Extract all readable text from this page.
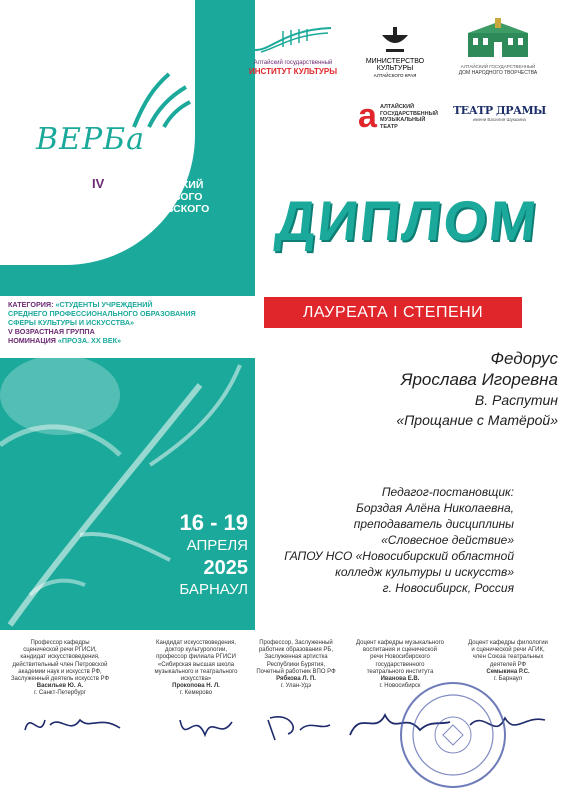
ВЕРБа
IV ВСЕРОССИЙСКИЙ
КОНКУРС РЕЧЕВОГО
ИСПОЛНИТЕЛЬСКОГО
ИСКУССТВА
КАТЕГОРИЯ: «СТУДЕНТЫ УЧРЕЖДЕНИЙ
СРЕДНЕГО ПРОФЕССИОНАЛЬНОГО ОБРАЗОВАНИЯ
СФЕРЫ КУЛЬТУРЫ И ИСКУССТВА»
V ВОЗРАСТНАЯ ГРУППА
НОМИНАЦИЯ «ПРОЗА. XX ВЕК»
16 - 19
АПРЕЛЯ
2025
БАРНАУЛ
Алтайский государственный
ИНСТИТУТ КУЛЬТУРЫ
МИНИСТЕРСТВО
КУЛЬТУРЫ
АЛТАЙСКОГО КРАЯ
АЛТАЙСКИЙ ГОСУДАРСТВЕННЫЙ
ДОМ НАРОДНОГО ТВОРЧЕСТВА
а АЛТАЙСКИЙ
ГОСУДАРСТВЕННЫЙ
МУЗЫКАЛЬНЫЙ
ТЕАТР
ТЕАТР ДРАМЫ
имени Василия Шукшина
ДИПЛОМ
ЛАУРЕАТА I СТЕПЕНИ
Федорус
Ярослава Игоревна
В. Распутин
«Прощание с Матёрой»
Педагог-постановщик:
Борздая Алёна Николаевна,
преподаватель дисциплины
«Словесное действие»
ГАПОУ НСО «Новосибирский областной
колледж культуры и искусств»
г. Новосибирск, Россия
Профессор кафедры
сценической речи РГИСИ,
кандидат искусствоведения,
действительный член Петровской
академии наук и искусств РФ,
Заслуженный деятель искусств РФ
Васильев Ю. А.
г. Санкт-Петербург
Кандидат искусствоведения,
доктор культурологии,
профессор филиала РГИСИ
«Сибирская высшая школа
музыкального и театрального
искусства»
Прокопова Н. Л.
г. Кемерово
Профессор, Заслуженный
работник образования РБ,
Заслуженная артистка
Республики Бурятия,
Почетный работник ВПО РФ
Рябкова Л. П.
г. Улан-Удэ
Доцент кафедры музыкального
воспитания и сценической
речи Новосибирского
государственного
театрального института
Иванова Е.В.
г. Новосибирск
Доцент кафедры филологии
и сценической речи АГИК,
член Союза театральных
деятелей РФ
Семыкина Р.С.
г. Барнаул
